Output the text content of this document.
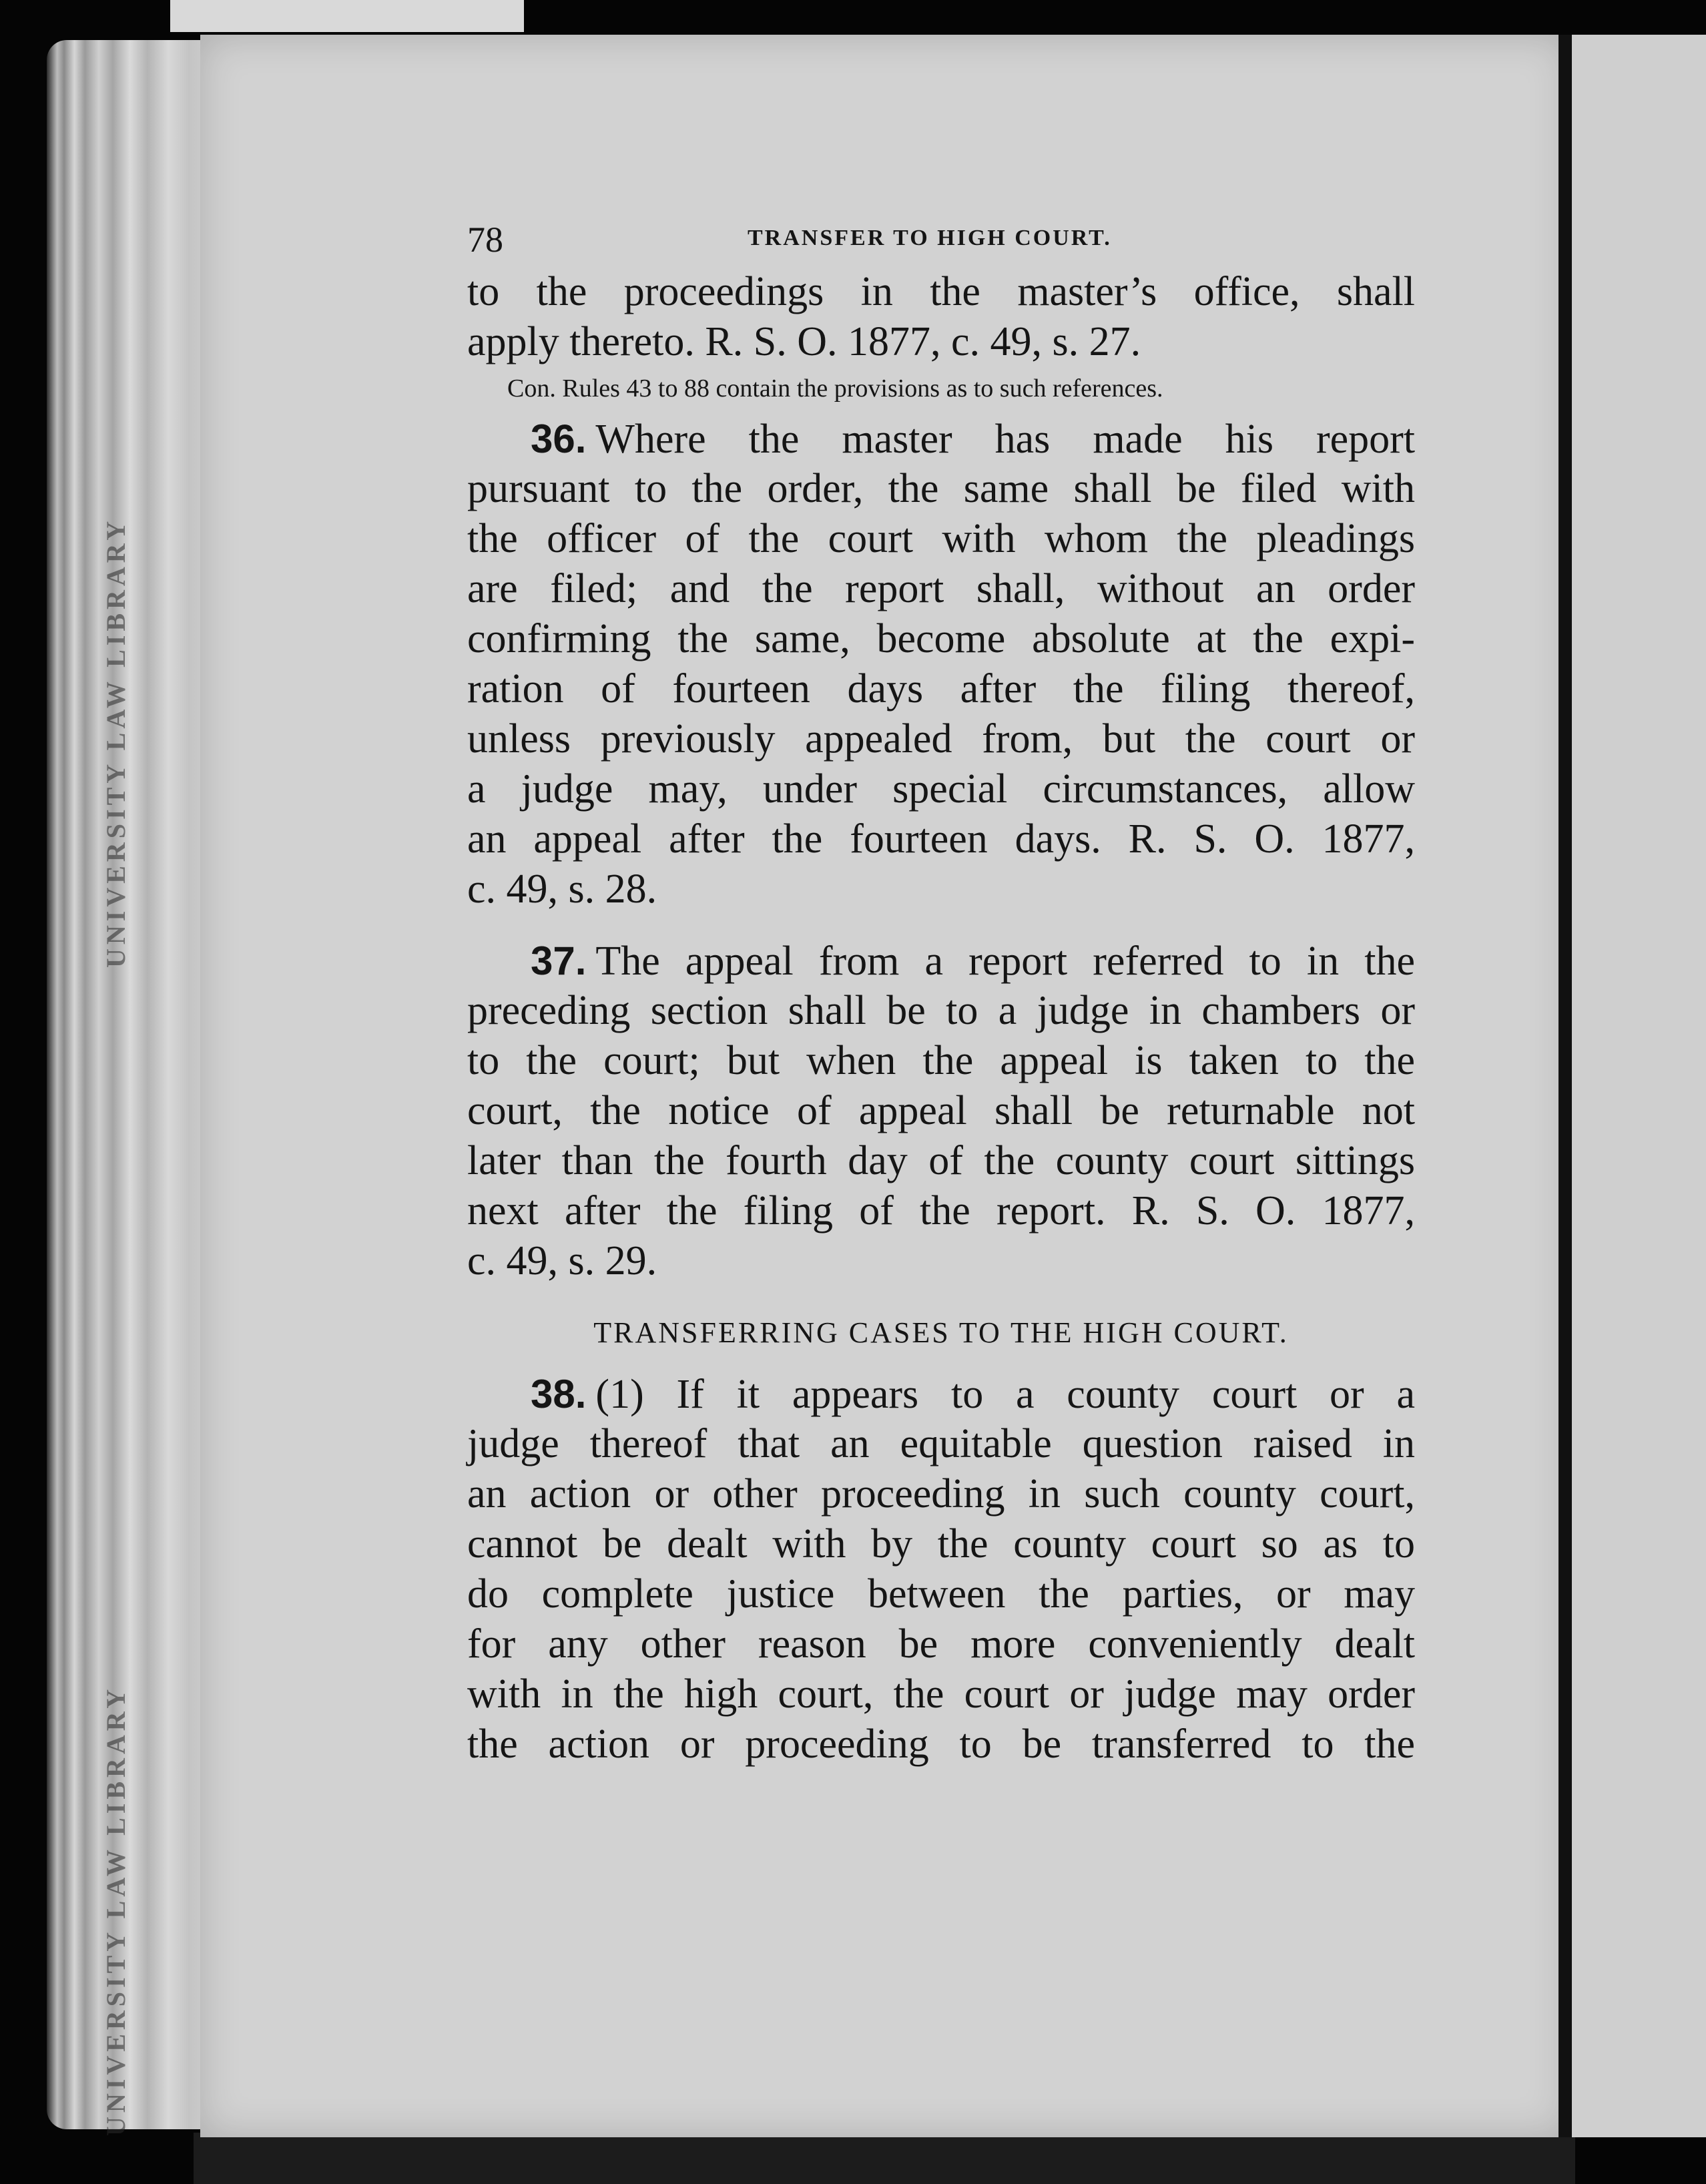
UNIVERSITY LAW LIBRARY
UNIVERSITY LAW LIBRARY
78	TRANSFER TO HIGH COURT.
to the proceedings in the master’s office, shall
apply thereto. R. S. O. 1877, c. 49, s. 27.
Con. Rules 43 to 88 contain the provisions as to such references.
36. Where the master has made his report
pursuant to the order, the same shall be filed with
the officer of the court with whom the pleadings
are filed; and the report shall, without an order
confirming the same, become absolute at the expi-
ration of fourteen days after the filing thereof,
unless previously appealed from, but the court or
a judge may, under special circumstances, allow
an appeal after the fourteen days. R. S. O. 1877,
c. 49, s. 28.
37. The appeal from a report referred to in the
preceding section shall be to a judge in chambers or
to the court; but when the appeal is taken to the
court, the notice of appeal shall be returnable not
later than the fourth day of the county court sittings
next after the filing of the report. R. S. O. 1877,
c. 49, s. 29.
TRANSFERRING CASES TO THE HIGH COURT.
38. (1) If it appears to a county court or a
judge thereof that an equitable question raised in
an action or other proceeding in such county court,
cannot be dealt with by the county court so as to
do complete justice between the parties, or may
for any other reason be more conveniently dealt
with in the high court, the court or judge may order
the action or proceeding to be transferred to the
